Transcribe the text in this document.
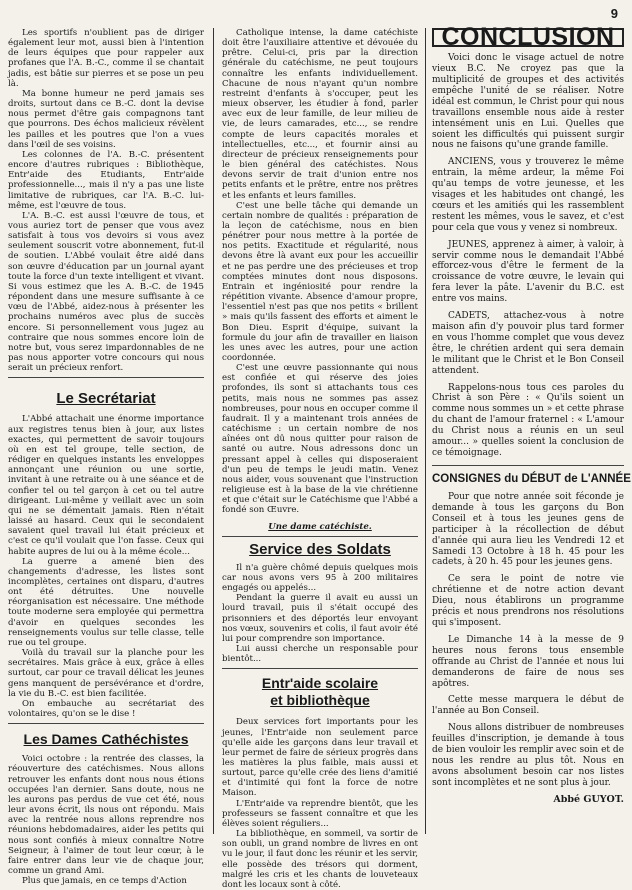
9

Les sportifs n'oublient pas de diriger également leur mot, aussi bien à l'intention de leurs équipes que pour rappeler aux profanes que l'A. B.-C., comme il se chantait jadis, est bâtie sur pierres et se pose un peu là.

Ma bonne humeur ne perd jamais ses droits, surtout dans ce B.-C. dont la devise nous permet d'être gais compagnons tant que pourrons. Des échos malicieux révèlent les pailles et les poutres que l'on a vues dans l'œil de ses voisins.

Les colonnes de l'A. B.-C. présentent encore d'autres rubriques : Bibliothèque, Entr'aide des Etudiants, Entr'aide professionnelle..., mais il n'y a pas une liste limitative de rubriques, car l'A. B.-C. lui-même, est l'œuvre de tous.

L'A. B.-C. est aussi l'œuvre de tous, et vous auriez tort de penser que vous avez satisfait à tous vos devoirs si vous avez seulement souscrit votre abonnement, fut-il de soutien. L'Abbé voulait être aidé dans son œuvre d'éducation par un journal ayant toute la force d'un texte intelligent et vivant. Si vous estimez que les A. B.-C. de 1945 répondent dans une mesure suffisante à ce vœu de l'Abbé, aidez-nous à présenter les prochains numéros avec plus de succès encore. Si personnellement vous jugez au contraire que nous sommes encore loin de notre but, vous serez impardonnables de ne pas nous apporter votre concours qui nous serait un précieux renfort.

Le Secrétariat

L'Abbé attachait une énorme importance aux registres tenus bien à jour, aux listes exactes, qui permettent de savoir toujours où en est tel groupe, telle section, de rédiger en quelques instants les enveloppes annonçant une réunion ou une sortie, invitant à une retraite ou à une séance et de confier tel ou tel garçon à cet ou tel autre dirigeant. Lui-même y veillait avec un soin qui ne se démentait jamais. Rien n'était laissé au hasard. Ceux qui le secondaient savaient quel travail lui était précieux et c'est ce qu'il voulait que l'on fasse. Ceux qui habite aupres de lui ou à la même école...

La guerre a amené bien des changements d'adresse, les listes sont incomplètes, certaines ont disparu, d'autres ont été détruites. Une nouvelle réorganisation est nécessaire. Une méthode toute moderne sera employée qui permettra d'avoir en quelques secondes les renseignements voulus sur telle classe, telle rue ou tel groupe.

Voilà du travail sur la planche pour les secrétaires. Mais grâce à eux, grâce à elles surtout, car pour ce travail délicat les jeunes gens manquent de persévérance et d'ordre, la vie du B.-C. est bien facilitée.

On embauche au secrétariat des volontaires, qu'on se le dise !

Les Dames Cathéchistes

Voici octobre : la rentrée des classes, la réouverture des catéchismes. Nous allons retrouver les enfants dont nous nous étions occupées l'an dernier. Sans doute, nous ne les aurons pas perdus de vue cet été, nous leur avons écrit, ils nous ont répondu. Mais avec la rentrée nous allons reprendre nos réunions hebdomadaires, aider les petits qui nous sont confiés à mieux connaître Notre Seigneur, à l'aimer de tout leur cœur, à le faire entrer dans leur vie de chaque jour, comme un grand Ami.

Plus que jamais, en ce temps d'Action

Catholique intense, la dame catéchiste doit être l'auxiliaire attentive et dévouée du prêtre. Celui-ci, pris par la direction générale du catéchisme, ne peut toujours connaître les enfants individuellement. Chacune de nous n'ayant qu'un nombre restreint d'enfants à s'occuper, peut les mieux observer, les étudier à fond, parler avec eux de leur famille, de leur milieu de vie, de leurs camarades, etc..., se rendre compte de leurs capacités morales et intellectuelles, etc..., et fournir ainsi au directeur de précieux renseignements pour le bien général des catéchistes. Nous devons servir de trait d'union entre nos petits enfants et le prêtre, entre nos prêtres et les enfants et leurs familles.

C'est une belle tâche qui demande un certain nombre de qualités : préparation de la leçon de catéchisme, nous en bien pénétrer pour nous mettre à la portée de nos petits. Exactitude et régularité, nous devons être là avant eux pour les accueillir et ne pas perdre une des précieuses et trop comptées minutes dont nous disposons. Entrain et ingéniosité pour rendre la répétition vivante. Absence d'amour propre, l'essentiel n'est pas que nos petits « brillent » mais qu'ils fassent des efforts et aiment le Bon Dieu. Esprit d'équipe, suivant la formule du jour afin de travailler en liaison les unes avec les autres, pour une action coordonnée.

C'est une œuvre passionnante qui nous est confiée et qui réserve des joies profondes, ils sont si attachants tous ces petits, mais nous ne sommes pas assez nombreuses, pour nous en occuper comme il faudrait. Il y a maintenant trois années de catéchisme : un certain nombre de nos aînées ont dû nous quitter pour raison de santé ou autre. Nous adressons donc un pressant appel à celles qui disposeraient d'un peu de temps le jeudi matin. Venez nous aider, vous souvenant que l'instruction religieuse est à la base de la vie chrétienne et que c'était sur le Catéchisme que l'Abbé a fondé son Œuvre.

Une dame catéchiste.
Service des Soldats

Il n'a guère chômé depuis quelques mois car nous avons vers 95 à 200 militaires engagés ou appelés...

Pendant la guerre il avait eu aussi un lourd travail, puis il s'était occupé des prisonniers et des déportés leur envoyant nos vœux, souvenirs et colis, il faut avoir été lui pour comprendre son importance.

Lui aussi cherche un responsable pour bientôt...

Entr'aide scolaire
et bibliothèque

Deux services fort importants pour les jeunes, l'Entr'aide non seulement parce qu'elle aide les garçons dans leur travail et leur permet de faire de sérieux progrès dans les matières la plus faible, mais aussi et surtout, parce qu'elle crée des liens d'amitié et d'intimité qui font la force de notre Maison.

L'Entr'aide va reprendre bientôt, que les professeurs se fassent connaître et que les élèves soient réguliers...

La bibliothèque, en sommeil, va sortir de son oubli, un grand nombre de livres en ont vu le jour, il faut donc les réunir et les servir, elle possède des trésors qui dorment, malgré les cris et les chants de louveteaux dont les locaux sont à côté.

CONCLUSION

Voici donc le visage actuel de notre vieux B.C. Ne croyez pas que la multiplicité de groupes et des activités empêche l'unité de se réaliser. Notre idéal est commun, le Christ pour qui nous travaillons ensemble nous aide à rester intensément unis en Lui. Quelles que soient les difficultés qui puissent surgir nous ne faisons qu'une grande famille.

ANCIENS, vous y trouverez le même entrain, la même ardeur, la même Foi qu'au temps de votre jeunesse, et les visages et les habitudes ont changé, les cœurs et les amitiés qui les rassemblent restent les mêmes, vous le savez, et c'est pour cela que vous y venez si nombreux.

JEUNES, apprenez à aimer, à valoir, à servir comme nous le demandait l'Abbé efforcez-vous d'être le ferment de la croissance de votre œuvre, le levain qui fera lever la pâte. L'avenir du B.C. est entre vos mains.

CADETS, attachez-vous à notre maison afin d'y pouvoir plus tard former en vous l'homme complet que vous devez être, le chrétien ardent qui sera demain le militant que le Christ et le Bon Conseil attendent.

Rappelons-nous tous ces paroles du Christ à son Père : « Qu'ils soient un comme nous sommes un » et cette phrase du chant de l'amour fraternel : « L'amour du Christ nous a réunis en un seul amour... » quelles soient la conclusion de ce témoignage.

CONSIGNES du DÉBUT de L'ANNÉE

Pour que notre année soit féconde je demande à tous les garçons du Bon Conseil et à tous les jeunes gens de participer à la récollection de début d'année qui aura lieu les Vendredi 12 et Samedi 13 Octobre à 18 h. 45 pour les cadets, à 20 h. 45 pour les jeunes gens.

Ce sera le point de notre vie chrétienne et de notre action devant Dieu, nous établirons un programme précis et nous prendrons nos résolutions qui s'imposent.

Le Dimanche 14 à la messe de 9 heures nous ferons tous ensemble offrande au Christ de l'année et nous lui demanderons de faire de nous ses apôtres.

Cette messe marquera le début de l'année au Bon Conseil.

Nous allons distribuer de nombreuses feuilles d'inscription, je demande à tous de bien vouloir les remplir avec soin et de nous les rendre au plus tôt. Nous en avons absolument besoin car nos listes sont incomplètes et ne sont plus à jour.

Abbé GUYOT.
